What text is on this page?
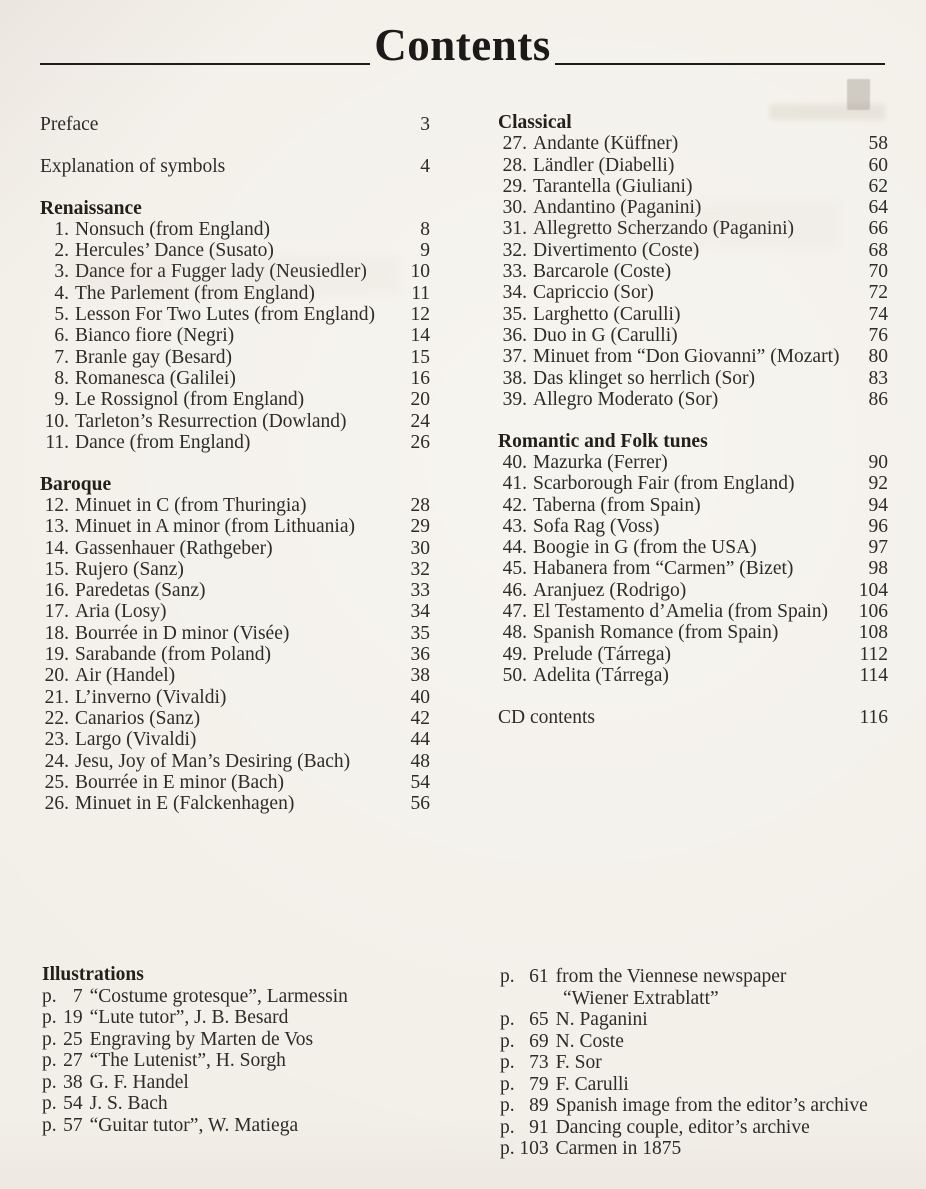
Contents
Preface	3
Explanation of symbols	4
Renaissance
1. Nonsuch (from England)	8
2. Hercules’ Dance (Susato)	9
3. Dance for a Fugger lady (Neusiedler)	10
4. The Parlement (from England)	11
5. Lesson For Two Lutes (from England)	12
6. Bianco fiore (Negri)	14
7. Branle gay (Besard)	15
8. Romanesca (Galilei)	16
9. Le Rossignol (from England)	20
10. Tarleton’s Resurrection (Dowland)	24
11. Dance (from England)	26
Baroque
12. Minuet in C (from Thuringia)	28
13. Minuet in A minor (from Lithuania)	29
14. Gassenhauer (Rathgeber)	30
15. Rujero (Sanz)	32
16. Paredetas (Sanz)	33
17. Aria (Losy)	34
18. Bourrée in D minor (Visée)	35
19. Sarabande (from Poland)	36
20. Air (Handel)	38
21. L’inverno (Vivaldi)	40
22. Canarios (Sanz)	42
23. Largo (Vivaldi)	44
24. Jesu, Joy of Man’s Desiring (Bach)	48
25. Bourrée in E minor (Bach)	54
26. Minuet in E (Falckenhagen)	56
Classical
27. Andante (Küffner)	58
28. Ländler (Diabelli)	60
29. Tarantella (Giuliani)	62
30. Andantino (Paganini)	64
31. Allegretto Scherzando (Paganini)	66
32. Divertimento (Coste)	68
33. Barcarole (Coste)	70
34. Capriccio (Sor)	72
35. Larghetto (Carulli)	74
36. Duo in G (Carulli)	76
37. Minuet from “Don Giovanni” (Mozart)	80
38. Das klinget so herrlich (Sor)	83
39. Allegro Moderato (Sor)	86
Romantic and Folk tunes
40. Mazurka (Ferrer)	90
41. Scarborough Fair (from England)	92
42. Taberna (from Spain)	94
43. Sofa Rag (Voss)	96
44. Boogie in G (from the USA)	97
45. Habanera from “Carmen” (Bizet)	98
46. Aranjuez (Rodrigo)	104
47. El Testamento d’Amelia (from Spain) 106
48. Spanish Romance (from Spain)	108
49. Prelude (Tárrega)	112
50. Adelita (Tárrega)	114
CD contents	116
Illustrations
p. 7 “Costume grotesque”, Larmessin
p. 19 “Lute tutor”, J. B. Besard
p. 25 Engraving by Marten de Vos
p. 27 “The Lutenist”, H. Sorgh
p. 38 G. F. Handel
p. 54 J. S. Bach
p. 57 “Guitar tutor”, W. Matiega
p. 61 from the Viennese newspaper
“Wiener Extrablatt”
p. 65 N. Paganini
p. 69 N. Coste
p. 73 F. Sor
p. 79 F. Carulli
p. 89 Spanish image from the editor’s archive
p. 91 Dancing couple, editor’s archive
p. 103 Carmen in 1875
